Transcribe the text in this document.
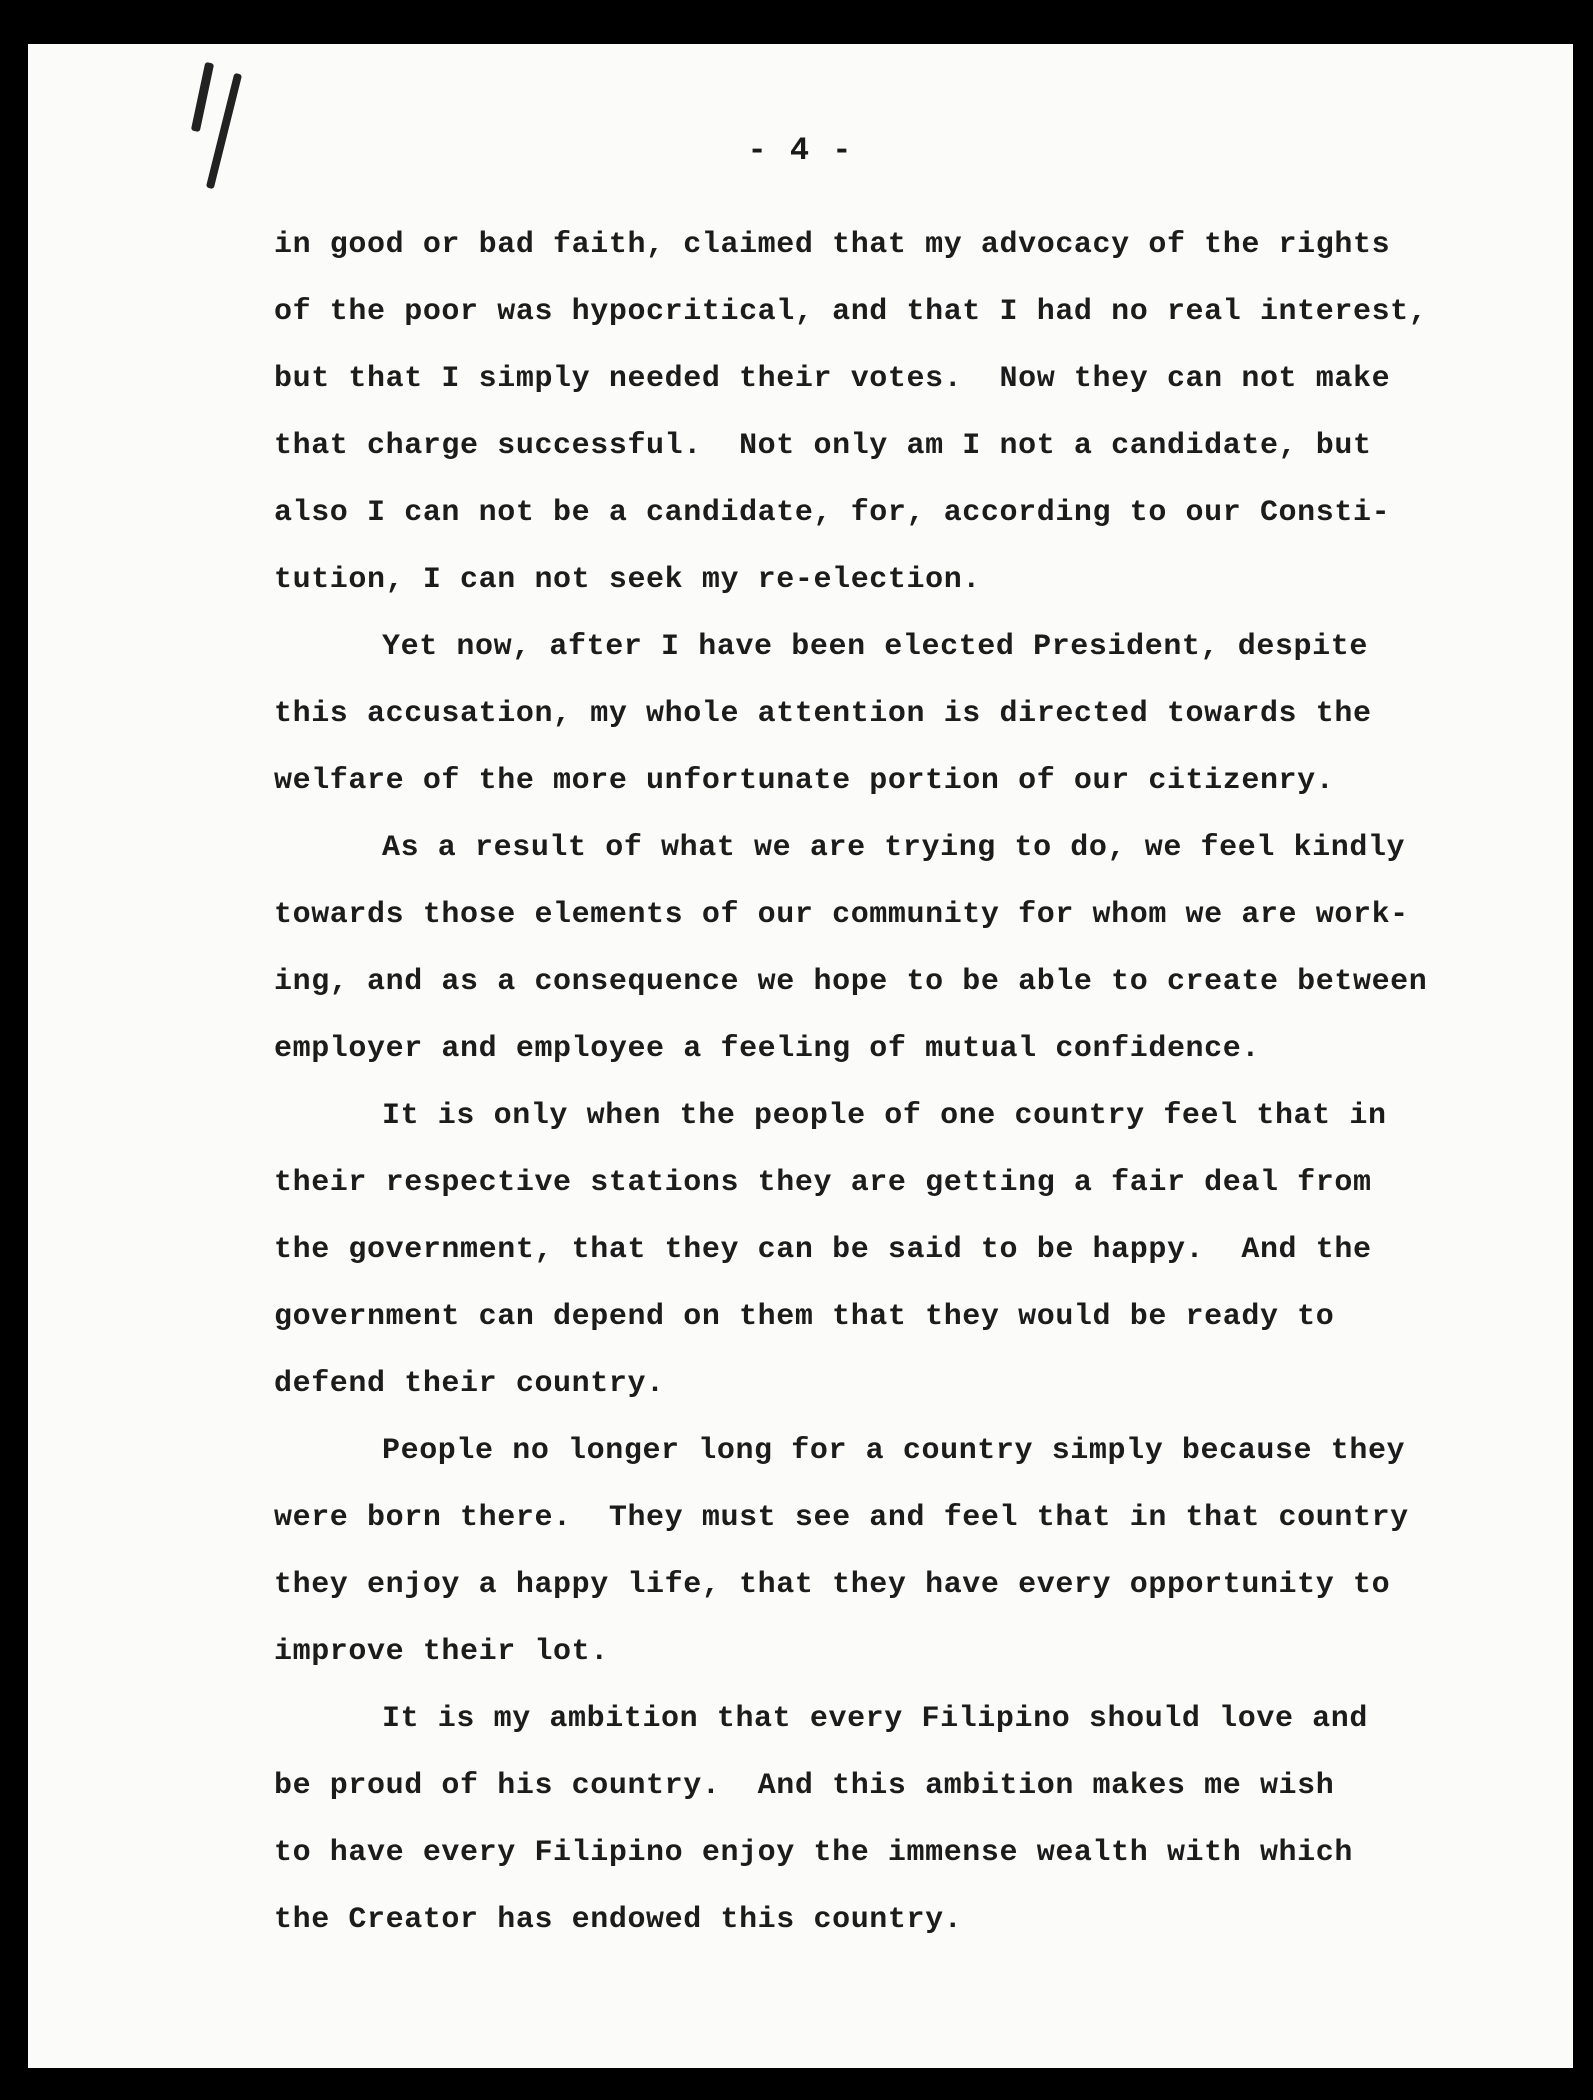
- 4 -
in good or bad faith, claimed that my advocacy of the rights
of the poor was hypocritical, and that I had no real interest,
but that I simply needed their votes.  Now they can not make
that charge successful.  Not only am I not a candidate, but
also I can not be a candidate, for, according to our Consti-
tution, I can not seek my re-election.
Yet now, after I have been elected President, despite
this accusation, my whole attention is directed towards the
welfare of the more unfortunate portion of our citizenry.
As a result of what we are trying to do, we feel kindly
towards those elements of our community for whom we are work-
ing, and as a consequence we hope to be able to create between
employer and employee a feeling of mutual confidence.
It is only when the people of one country feel that in
their respective stations they are getting a fair deal from
the government, that they can be said to be happy.  And the
government can depend on them that they would be ready to
defend their country.
People no longer long for a country simply because they
were born there.  They must see and feel that in that country
they enjoy a happy life, that they have every opportunity to
improve their lot.
It is my ambition that every Filipino should love and
be proud of his country.  And this ambition makes me wish
to have every Filipino enjoy the immense wealth with which
the Creator has endowed this country.
